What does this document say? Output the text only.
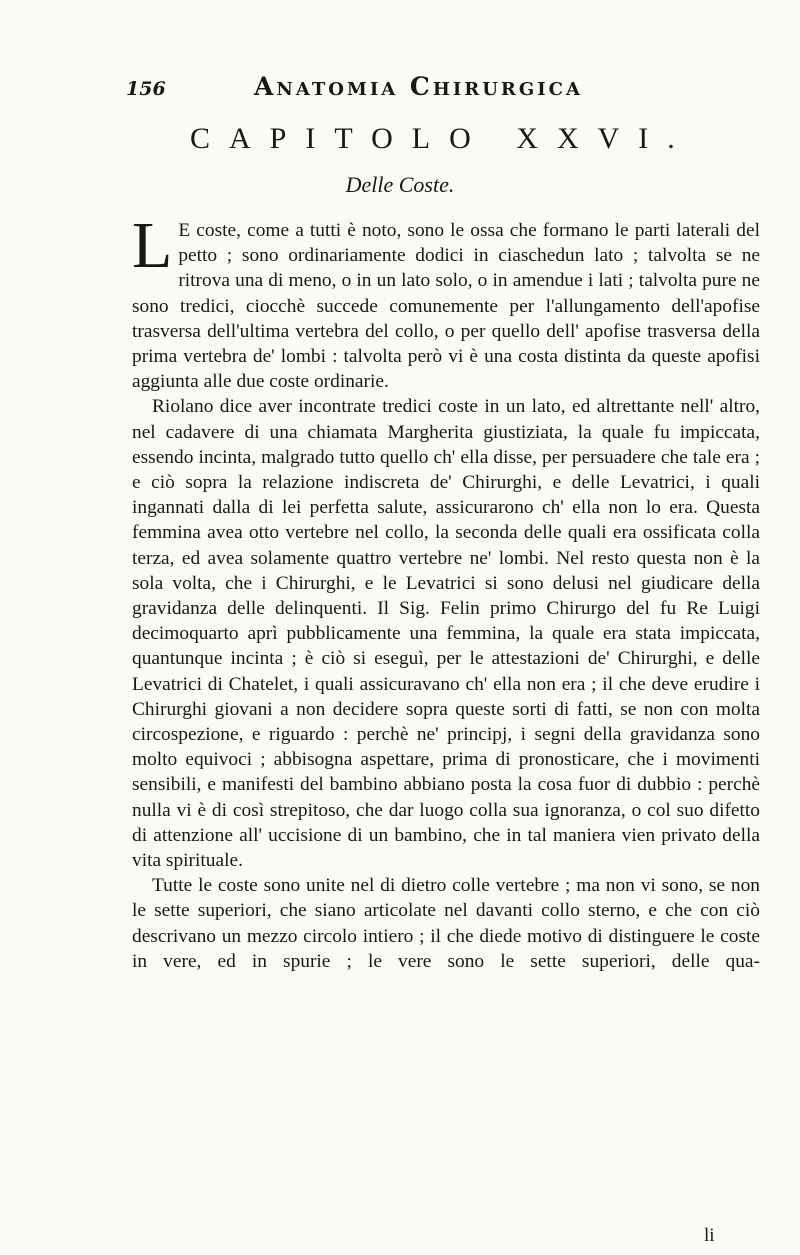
156	Anatomia Chirurgica
CAPITOLO XXVI.
Delle Coste.

L E coste, come a tutti è noto, sono le ossa che formano le parti laterali del petto ; sono ordinariamente dodici in ciaschedun lato ; talvolta se ne ritrova una di meno, o in un lato solo, o in amendue i lati ; talvolta pure ne sono tredici, ciocchè succede comunemente per l'allungamento dell'apofise trasversa dell'ultima vertebra del collo, o per quello dell' apofise trasversa della prima vertebra de' lombi : talvolta però vi è una costa distinta da queste apofisi aggiunta alle due coste ordinarie.

Riolano dice aver incontrate tredici coste in un lato, ed altrettante nell' altro, nel cadavere di una chiamata Margherita giustiziata, la quale fu impiccata, essendo incinta, malgrado tutto quello ch' ella disse, per persuadere che tale era ; e ciò sopra la relazione indiscreta de' Chirurghi, e delle Levatrici, i quali ingannati dalla di lei perfetta salute, assicurarono ch' ella non lo era. Questa femmina avea otto vertebre nel collo, la seconda delle quali era ossificata colla terza, ed avea solamente quattro vertebre ne' lombi. Nel resto questa non è la sola volta, che i Chirurghi, e le Levatrici si sono delusi nel giudicare della gravidanza delle delinquenti. Il Sig. Felin primo Chirurgo del fu Re Luigi decimoquarto aprì pubblicamente una femmina, la quale era stata impiccata, quantunque incinta ; è ciò si eseguì, per le attestazioni de' Chirurghi, e delle Levatrici di Chatelet, i quali assicuravano ch' ella non era ; il che deve erudire i Chirurghi giovani a non decidere sopra queste sorti di fatti, se non con molta circospezione, e riguardo : perchè ne' principj, i segni della gravidanza sono molto equivoci ; abbisogna aspettare, prima di pronosticare, che i movimenti sensibili, e manifesti del bambino abbiano posta la cosa fuor di dubbio : perchè nulla vi è di così strepitoso, che dar luogo colla sua ignoranza, o col suo difetto di attenzione all' uccisione di un bambino, che in tal maniera vien privato della vita spirituale.

Tutte le coste sono unite nel di dietro colle vertebre ; ma non vi sono, se non le sette superiori, che siano articolate nel davanti collo sterno, e che con ciò descrivano un mezzo circolo intiero ; il che diede motivo di distinguere le coste in vere, ed in spurie ; le vere sono le sette superiori, delle qua-

li
